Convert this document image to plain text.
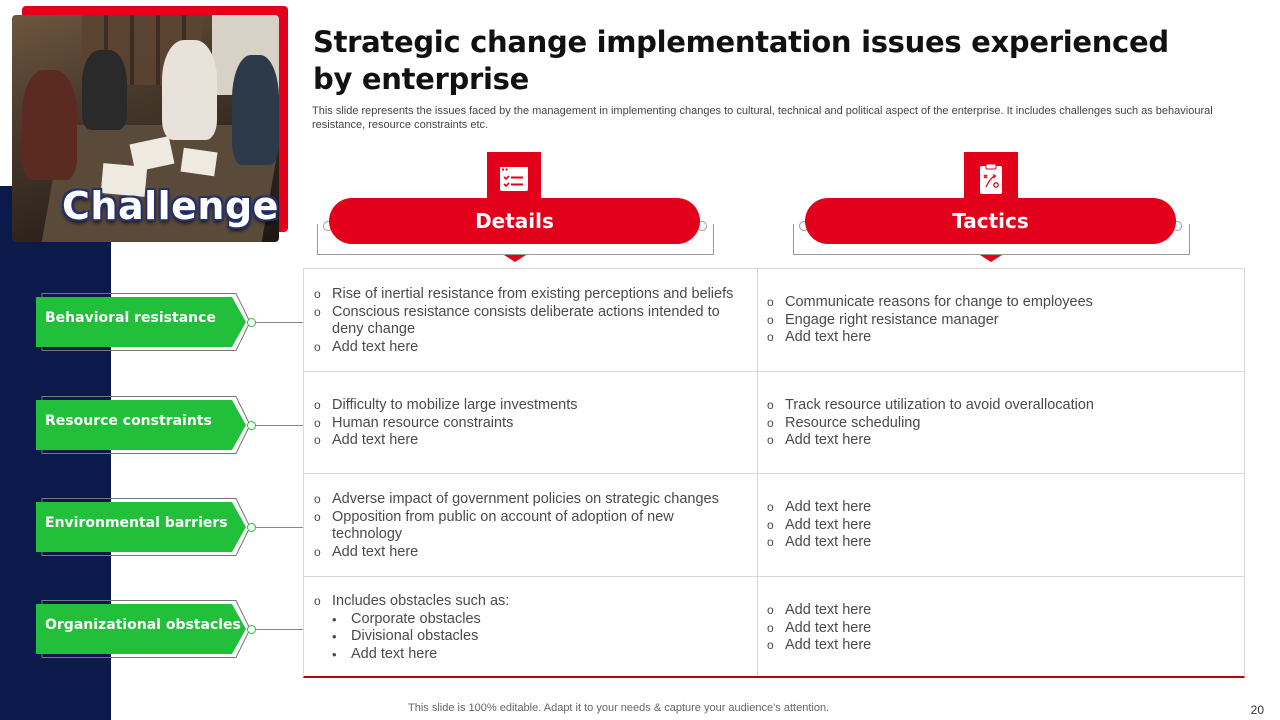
Challenge
Strategic change implementation issues experienced by enterprise
This slide represents the issues faced by the management in implementing changes to cultural, technical and political aspect of the enterprise. It includes challenges such as behavioural resistance, resource constraints etc.
Details	Tactics
o Rise of inertial resistance from existing perceptions and beliefs
o Conscious resistance consists deliberate actions intended to deny change
o Add text here
o Communicate reasons for change to employees
o Engage right resistance manager
o Add text here
o Difficulty to mobilize large investments
o Human resource constraints
o Add text here
o Track resource utilization to avoid overallocation
o Resource scheduling
o Add text here
o Adverse impact of government policies on strategic changes
o Opposition from public on account of adoption of new technology
o Add text here
o Add text here
o Add text here
o Add text here
o Includes obstacles such as:
• Corporate obstacles
• Divisional obstacles
• Add text here
o Add text here
o Add text here
o Add text here
Behavioral resistance
Resource constraints
Environmental barriers
Organizational obstacles
This slide is 100% editable. Adapt it to your needs & capture your audience’s attention.	20
